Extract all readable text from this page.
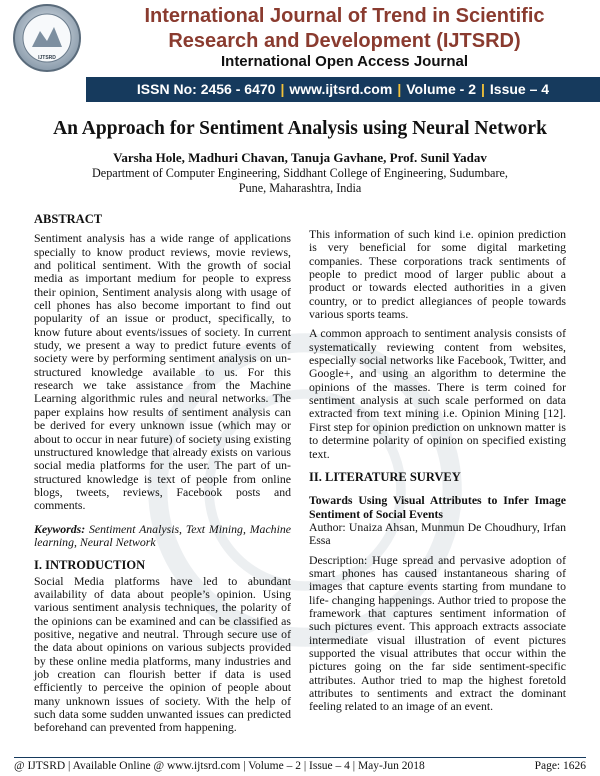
IJTSRD
International Journal of Trend in Scientific
Research and Development (IJTSRD)
International Open Access Journal
ISSN No: 2456 - 6470 | www.ijtsrd.com | Volume - 2 | Issue – 4
An Approach for Sentiment Analysis using Neural Network
Varsha Hole, Madhuri Chavan, Tanuja Gavhane, Prof. Sunil Yadav
Department of Computer Engineering, Siddhant College of Engineering, Sudumbare,
Pune, Maharashtra, India
ABSTRACT

Sentiment analysis has a wide range of applications specially to know product reviews, movie reviews, and political sentiment. With the growth of social media as important medium for people to express their opinion, Sentiment analysis along with usage of cell phones has also become important to find out popularity of an issue or product, specifically, to know future about events/issues of society. In current study, we present a way to predict future events of society were by performing sentiment analysis on un-structured knowledge available to us. For this research we take assistance from the Machine Learning algorithmic rules and neural networks. The paper explains how results of sentiment analysis can be derived for every unknown issue (which may or about to occur in near future) of society using existing unstructured knowledge that already exists on various social media platforms for the user. The part of un-structured knowledge is text of people from online blogs, tweets, reviews, Facebook posts and comments.

Keywords: Sentiment Analysis, Text Mining, Machine learning, Neural Network

I. INTRODUCTION

Social Media platforms have led to abundant availability of data about people’s opinion. Using various sentiment analysis techniques, the polarity of the opinions can be examined and can be classified as positive, negative and neutral. Through secure use of the data about opinions on various subjects provided by these online media platforms, many industries and job creation can flourish better if data is used efficiently to perceive the opinion of people about many unknown issues of society. With the help of such data some sudden unwanted issues can predicted beforehand can prevented from happening.

This information of such kind i.e. opinion prediction is very beneficial for some digital marketing companies. These corporations track sentiments of people to predict mood of larger public about a product or towards elected authorities in a given country, or to predict allegiances of people towards various sports teams.

A common approach to sentiment analysis consists of systematically reviewing content from websites, especially social networks like Facebook, Twitter, and Google+, and using an algorithm to determine the opinions of the masses. There is term coined for sentiment analysis at such scale performed on data extracted from text mining i.e. Opinion Mining [12]. First step for opinion prediction on unknown matter is to determine polarity of opinion on specified existing text.

II. LITERATURE SURVEY

Towards Using Visual Attributes to Infer Image Sentiment of Social Events

Author: Unaiza Ahsan, Munmun De Choudhury, Irfan Essa

Description: Huge spread and pervasive adoption of smart phones has caused instantaneous sharing of images that capture events starting from mundane to life- changing happenings. Author tried to propose the framework that captures sentiment information of such pictures event. This approach extracts associate intermediate visual illustration of event pictures supported the visual attributes that occur within the pictures going on the far side sentiment-specific attributes. Author tried to map the highest foretold attributes to sentiments and extract the dominant feeling related to an image of an event.

@ IJTSRD | Available Online @ www.ijtsrd.com | Volume – 2 | Issue – 4 | May-Jun 2018	Page: 1626
